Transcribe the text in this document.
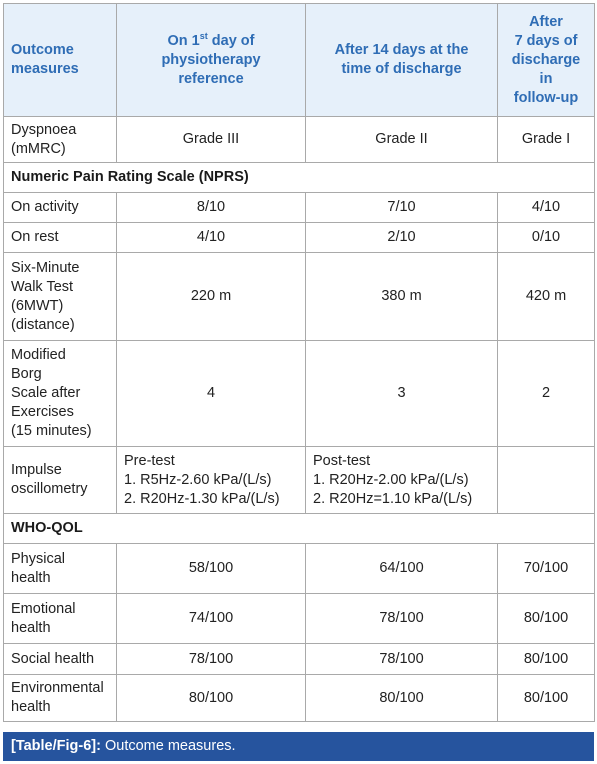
Outcome
measures	On 1st day of
physiotherapy
reference	After 14 days at the
time of discharge	After
7 days of
discharge
in
follow-up
Dyspnoea
(mMRC)	Grade III	Grade II	Grade I
Numeric Pain Rating Scale (NPRS)			
On activity	8/10	7/10	4/10
On rest	4/10	2/10	0/10
Six-Minute
Walk Test
(6MWT)
(distance)	220 m	380 m	420 m
Modified
Borg
Scale after
Exercises
(15 minutes)	4	3	2
Impulse
oscillometry	Pre-test
1. R5Hz-2.60 kPa/(L/s)
2. R20Hz-1.30 kPa/(L/s)	Post-test
1. R20Hz-2.00 kPa/(L/s)
2. R20Hz=1.10 kPa/(L/s)	
WHO-QOL			
Physical
health	58/100	64/100	70/100
Emotional
health	74/100	78/100	80/100
Social health	78/100	78/100	80/100
Environmental
health	80/100	80/100	80/100
[Table/Fig-6]: Outcome measures.
